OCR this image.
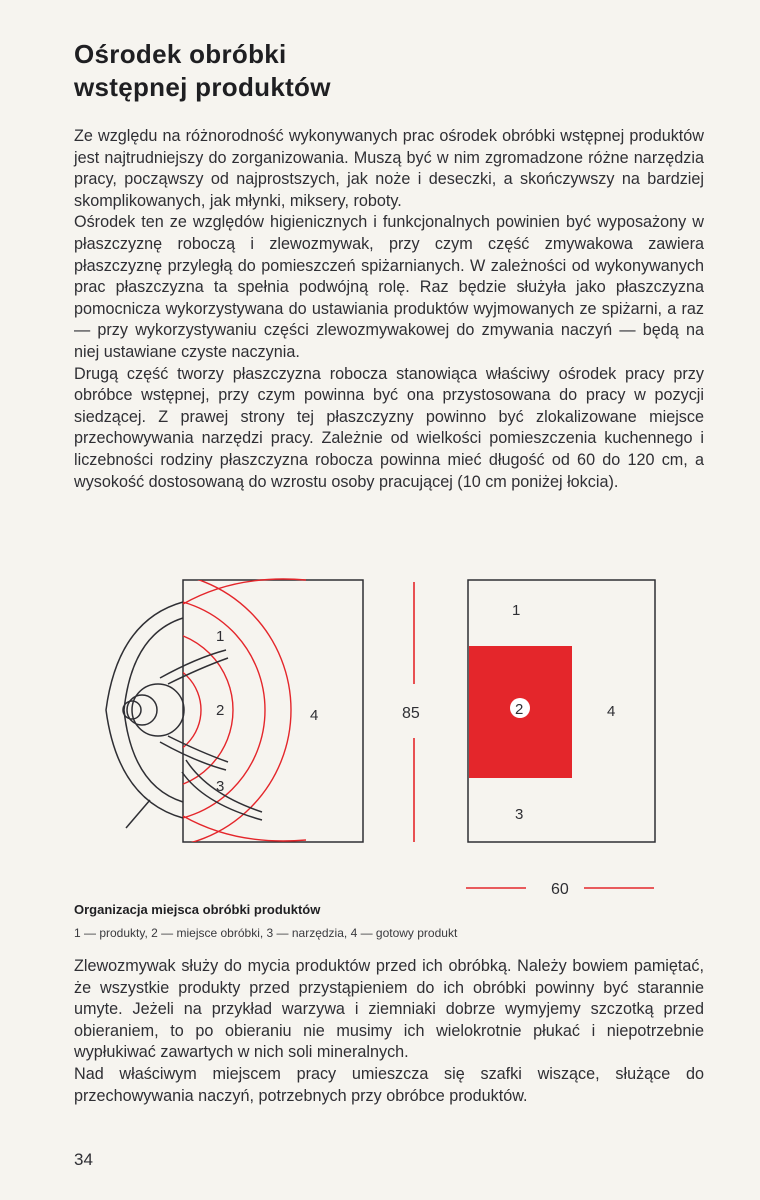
Ośrodek obróbki
wstępnej produktów

Ze względu na różnorodność wykonywanych prac ośrodek obróbki wstępnej produktów jest najtrudniejszy do zorganizowania. Muszą być w nim zgromadzone różne narzędzia pracy, począwszy od najprostszych, jak noże i deseczki, a skończywszy na bardziej skomplikowanych, jak młynki, miksery, roboty.

Ośrodek ten ze względów higienicznych i funkcjonalnych powinien być wyposażony w płaszczyznę roboczą i zlewozmywak, przy czym część zmywakowa zawiera płaszczyznę przyległą do pomieszczeń spiżarnianych. W zależności od wykonywanych prac płaszczyzna ta spełnia podwójną rolę. Raz będzie służyła jako płaszczyzna pomocnicza wykorzystywana do ustawiania produktów wyjmowanych ze spiżarni, a raz — przy wykorzystywaniu części zlewozmywakowej do zmywania naczyń — będą na niej ustawiane czyste naczynia.

Drugą część tworzy płaszczyzna robocza stanowiąca właściwy ośrodek pracy przy obróbce wstępnej, przy czym powinna być ona przystosowana do pracy w pozycji siedzącej. Z prawej strony tej płaszczyzny powinno być zlokalizowane miejsce przechowywania narzędzi pracy. Zależnie od wielkości pomieszczenia kuchennego i liczebności rodziny płaszczyzna robocza powinna mieć długość od 60 do 120 cm, a wysokość dostosowaną do wzrostu osoby pracującej (10 cm poniżej łokcia).

1
2
3
4	85
1
2
3
4
60
Organizacja miejsca obróbki produktów
1 — produkty, 2 — miejsce obróbki, 3 — narzędzia, 4 — gotowy produkt

Zlewozmywak służy do mycia produktów przed ich obróbką. Należy bowiem pamiętać, że wszystkie produkty przed przystąpieniem do ich obróbki powinny być starannie umyte. Jeżeli na przykład warzywa i ziemniaki dobrze wymyjemy szczotką przed obieraniem, to po obieraniu nie musimy ich wielokrotnie płukać i niepotrzebnie wypłukiwać zawartych w nich soli mineralnych.

Nad właściwym miejscem pracy umieszcza się szafki wiszące, służące do przechowywania naczyń, potrzebnych przy obróbce produktów.

34
